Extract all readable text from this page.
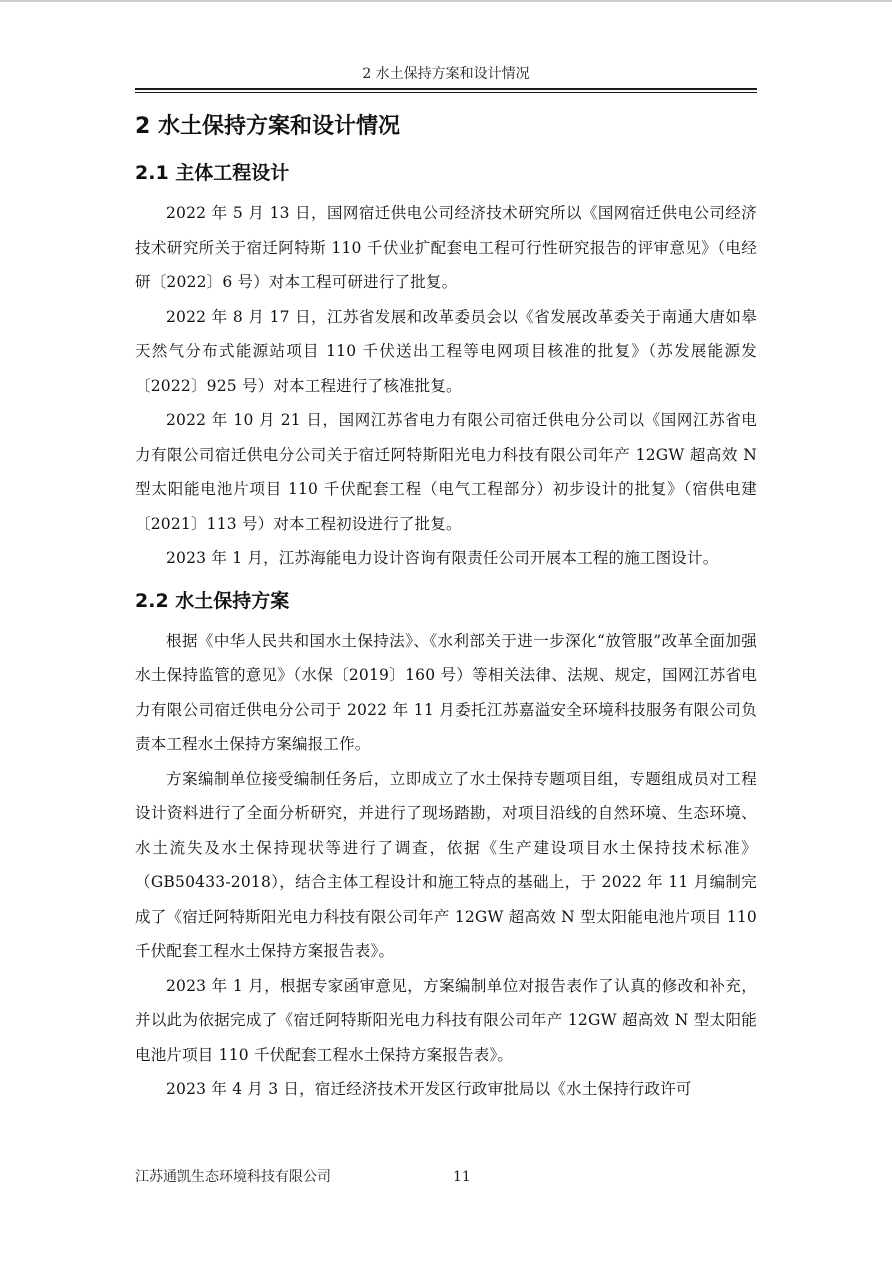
2 水土保持方案和设计情况
2 水土保持方案和设计情况
2.1 主体工程设计

2022 年 5 月 13 日，国网宿迁供电公司经济技术研究所以《国网宿迁供电公司经济技术研究所关于宿迁阿特斯 110 千伏业扩配套电工程可行性研究报告的评审意见》（电经研〔2022〕6 号）对本工程可研进行了批复。

2022 年 8 月 17 日，江苏省发展和改革委员会以《省发展改革委关于南通大唐如皋天然气分布式能源站项目 110 千伏送出工程等电网项目核准的批复》（苏发展能源发〔2022〕925 号）对本工程进行了核准批复。

2022 年 10 月 21 日，国网江苏省电力有限公司宿迁供电分公司以《国网江苏省电力有限公司宿迁供电分公司关于宿迁阿特斯阳光电力科技有限公司年产 12GW 超高效 N 型太阳能电池片项目 110 千伏配套工程（电气工程部分）初步设计的批复》（宿供电建〔2021〕113 号）对本工程初设进行了批复。

2023 年 1 月，江苏海能电力设计咨询有限责任公司开展本工程的施工图设计。

2.2 水土保持方案

根据《中华人民共和国水土保持法》、《水利部关于进一步深化“放管服”改革全面加强水土保持监管的意见》（水保〔2019〕160 号）等相关法律、法规、规定，国网江苏省电力有限公司宿迁供电分公司于 2022 年 11 月委托江苏嘉溢安全环境科技服务有限公司负责本工程水土保持方案编报工作。

方案编制单位接受编制任务后，立即成立了水土保持专题项目组，专题组成员对工程设计资料进行了全面分析研究，并进行了现场踏勘，对项目沿线的自然环境、生态环境、水土流失及水土保持现状等进行了调查，依据《生产建设项目水土保持技术标准》（GB50433-2018），结合主体工程设计和施工特点的基础上，于 2022 年 11 月编制完成了《宿迁阿特斯阳光电力科技有限公司年产 12GW 超高效 N 型太阳能电池片项目 110 千伏配套工程水土保持方案报告表》。

2023 年 1 月，根据专家函审意见，方案编制单位对报告表作了认真的修改和补充，并以此为依据完成了《宿迁阿特斯阳光电力科技有限公司年产 12GW 超高效 N 型太阳能电池片项目 110 千伏配套工程水土保持方案报告表》。

2023 年 4 月 3 日，宿迁经济技术开发区行政审批局以《水土保持行政许可

江苏通凯生态环境科技有限公司	11
